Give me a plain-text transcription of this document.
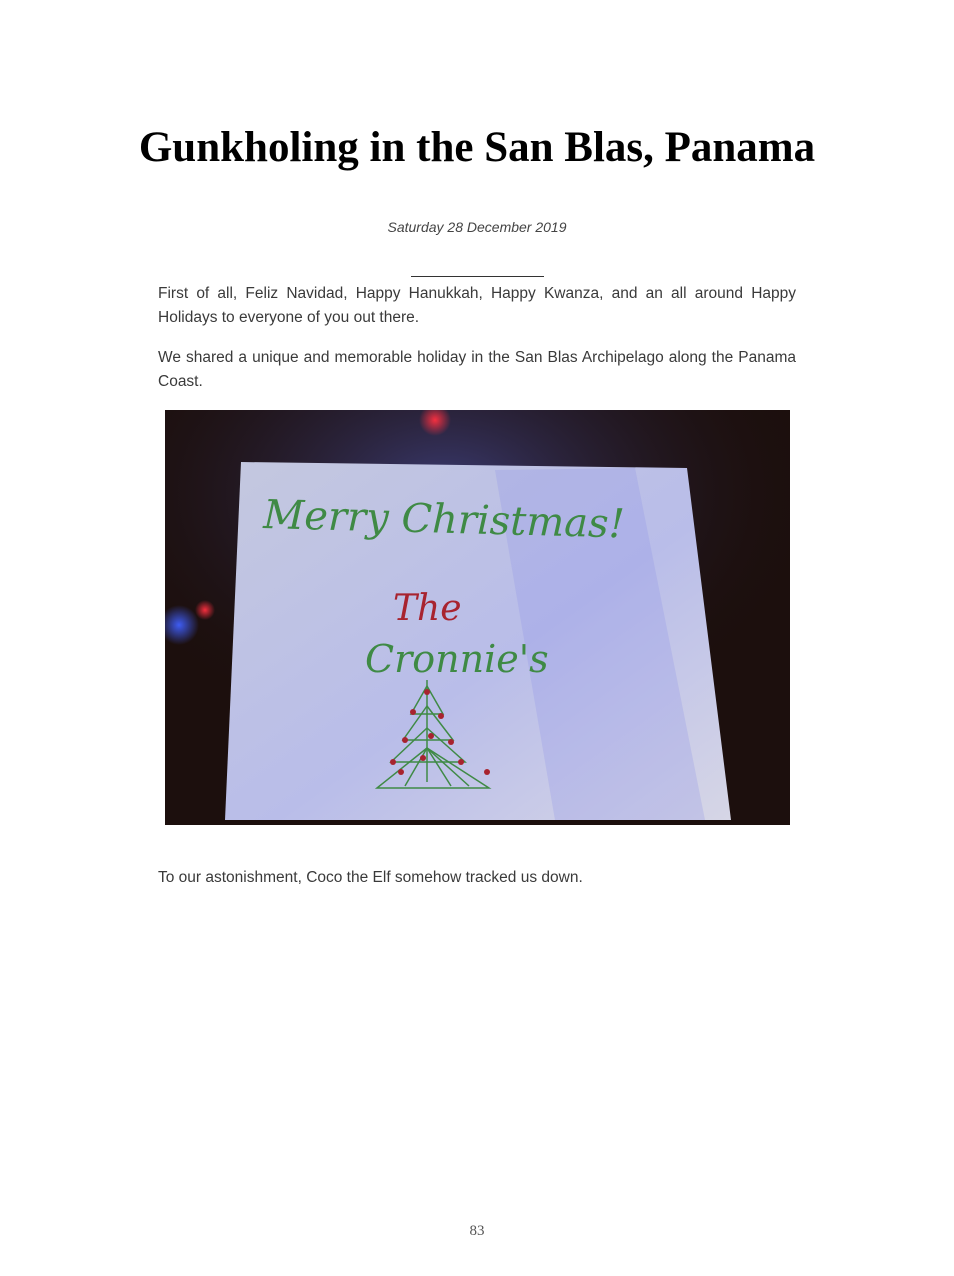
Gunkholing in the San Blas, Panama
Saturday 28 December 2019

First of all, Feliz Navidad, Happy Hanukkah, Happy Kwanza, and an all around Happy Holidays to everyone of you out there.

We shared a unique and memorable holiday in the San Blas Archipelago along the Panama Coast.

Merry Christmas!
The
Cronnie's

To our astonishment, Coco the Elf somehow tracked us down.

83
